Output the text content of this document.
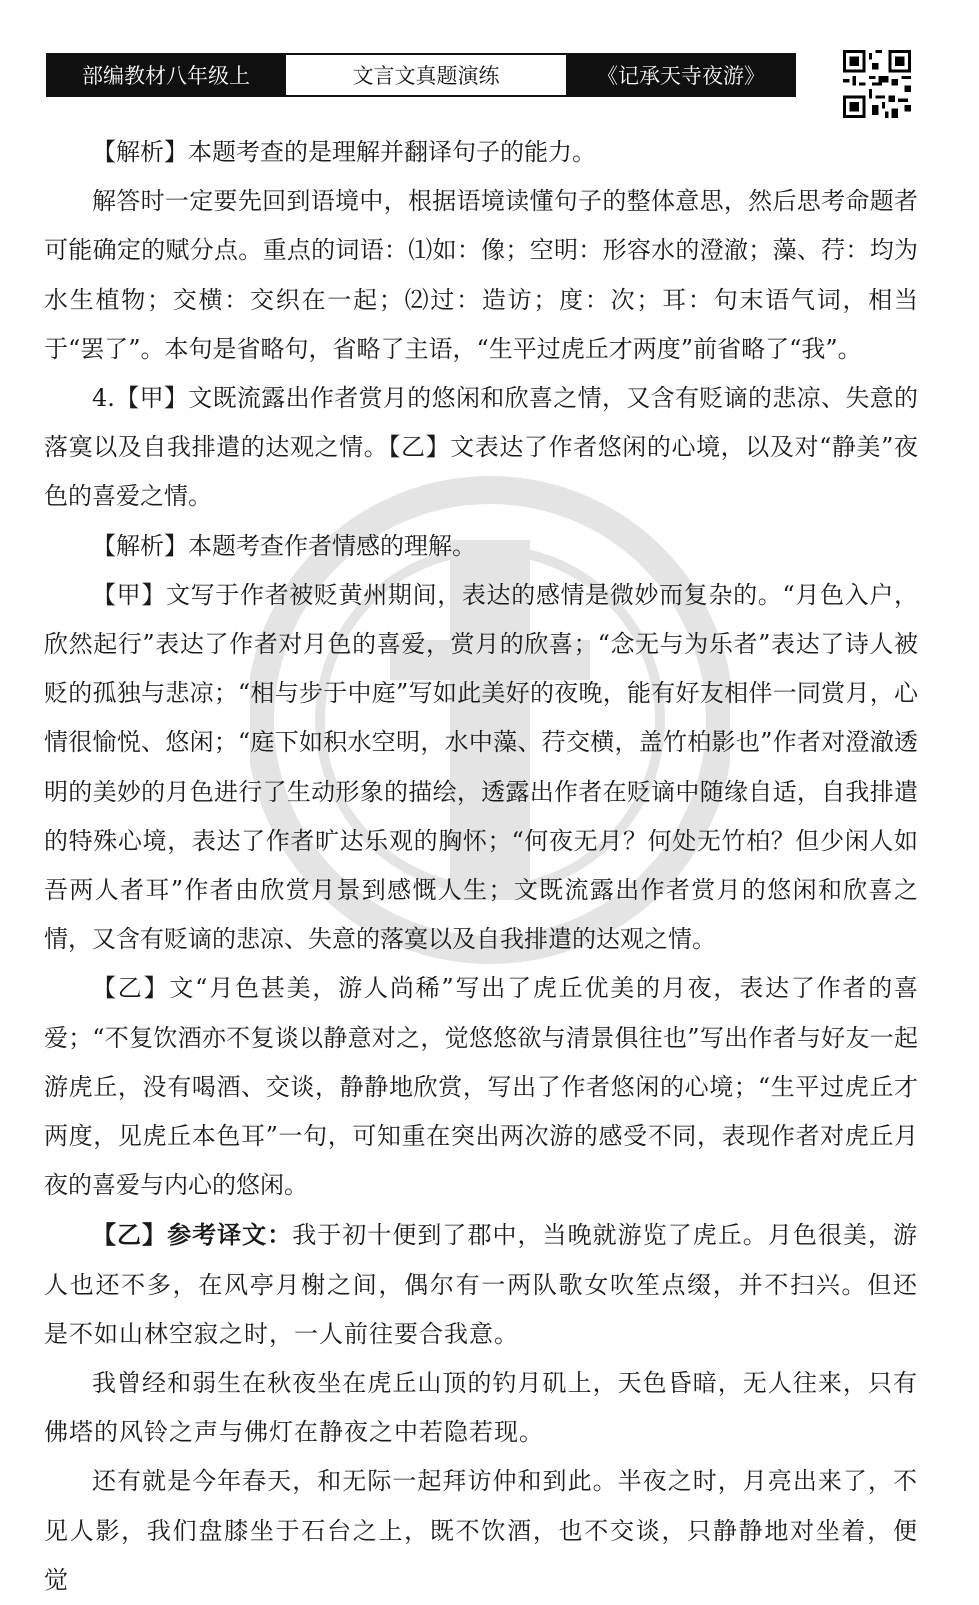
部编教材八年级上	文言文真题演练	《记承天寺夜游》

【解析】本题考查的是理解并翻译句子的能力。

解答时一定要先回到语境中，根据语境读懂句子的整体意思，然后思考命题者可能确定的赋分点。重点的词语：⑴如：像；空明：形容水的澄澈；藻、荇：均为水生植物；交横：交织在一起；⑵过：造访；度：次；耳：句末语气词，相当于“罢了”。本句是省略句，省略了主语，“生平过虎丘才两度”前省略了“我”。

4.【甲】文既流露出作者赏月的悠闲和欣喜之情，又含有贬谪的悲凉、失意的落寞以及自我排遣的达观之情。【乙】文表达了作者悠闲的心境，以及对“静美”夜色的喜爱之情。

【解析】本题考查作者情感的理解。

【甲】文写于作者被贬黄州期间，表达的感情是微妙而复杂的。“月色入户，欣然起行”表达了作者对月色的喜爱，赏月的欣喜；“念无与为乐者”表达了诗人被贬的孤独与悲凉；“相与步于中庭”写如此美好的夜晚，能有好友相伴一同赏月，心情很愉悦、悠闲；“庭下如积水空明，水中藻、荇交横，盖竹柏影也”作者对澄澈透明的美妙的月色进行了生动形象的描绘，透露出作者在贬谪中随缘自适，自我排遣的特殊心境，表达了作者旷达乐观的胸怀；“何夜无月？何处无竹柏？但少闲人如吾两人者耳”作者由欣赏月景到感慨人生；文既流露出作者赏月的悠闲和欣喜之情，又含有贬谪的悲凉、失意的落寞以及自我排遣的达观之情。

【乙】文“月色甚美，游人尚稀”写出了虎丘优美的月夜，表达了作者的喜爱；“不复饮酒亦不复谈以静意对之，觉悠悠欲与清景俱往也”写出作者与好友一起游虎丘，没有喝酒、交谈，静静地欣赏，写出了作者悠闲的心境；“生平过虎丘才两度，见虎丘本色耳”一句，可知重在突出两次游的感受不同，表现作者对虎丘月夜的喜爱与内心的悠闲。

【乙】参考译文：我于初十便到了郡中，当晚就游览了虎丘。月色很美，游人也还不多，在风亭月榭之间，偶尔有一两队歌女吹笙点缀，并不扫兴。但还是不如山林空寂之时，一人前往要合我意。

我曾经和弱生在秋夜坐在虎丘山顶的钓月矶上，天色昏暗，无人往来，只有佛塔的风铃之声与佛灯在静夜之中若隐若现。

还有就是今年春天，和无际一起拜访仲和到此。半夜之时，月亮出来了，不见人影，我们盘膝坐于石台之上，既不饮酒，也不交谈，只静静地对坐着，便觉
